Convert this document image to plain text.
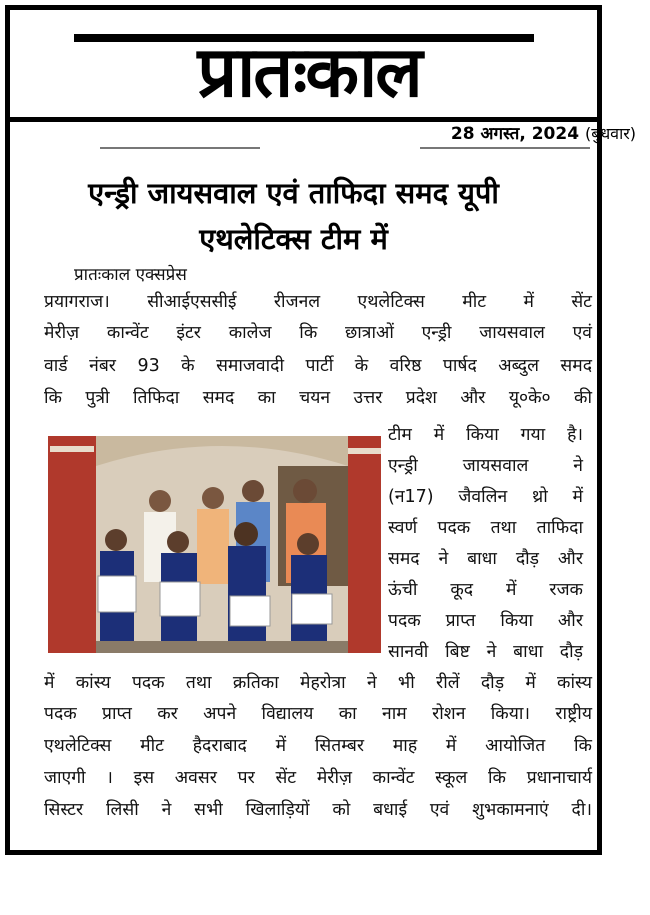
प्रातःकाल
28 अगस्त, 2024 (बुधवार)
एन्ड्री जायसवाल एवं ताफिदा समद यूपी
एथलेटिक्स टीम में
प्रातःकाल एक्सप्रेस
प्रयागराज। सीआईएससीई रीजनल एथलेटिक्स मीट में सेंट
मेरीज़ कान्वेंट इंटर कालेज कि छात्राओं एन्ड्री जायसवाल एवं
वार्ड नंबर 93 के समाजवादी पार्टी के वरिष्ठ पार्षद अब्दुल समद
कि पुत्री तिफिदा समद का चयन उत्तर प्रदेश और यू०के० की
टीम में किया गया है।
एन्ड्री जायसवाल ने
(न17) जैवलिन थ्रो में
स्वर्ण पदक तथा ताफिदा
समद ने बाधा दौड़ और
ऊंची कूद में रजक
पदक प्राप्त किया और
सानवी बिष्ट ने बाधा दौड़
में कांस्य पदक तथा क्रतिका मेहरोत्रा ने भी रीलें दौड़ में कांस्य
पदक प्राप्त कर अपने विद्यालय का नाम रोशन किया। राष्ट्रीय
एथलेटिक्स मीट हैदराबाद में सितम्बर माह में आयोजित कि
जाएगी । इस अवसर पर सेंट मेरीज़ कान्वेंट स्कूल कि प्रधानाचार्य
सिस्टर लिसी ने सभी खिलाड़ियों को बधाई एवं शुभकामनाएं दी।
